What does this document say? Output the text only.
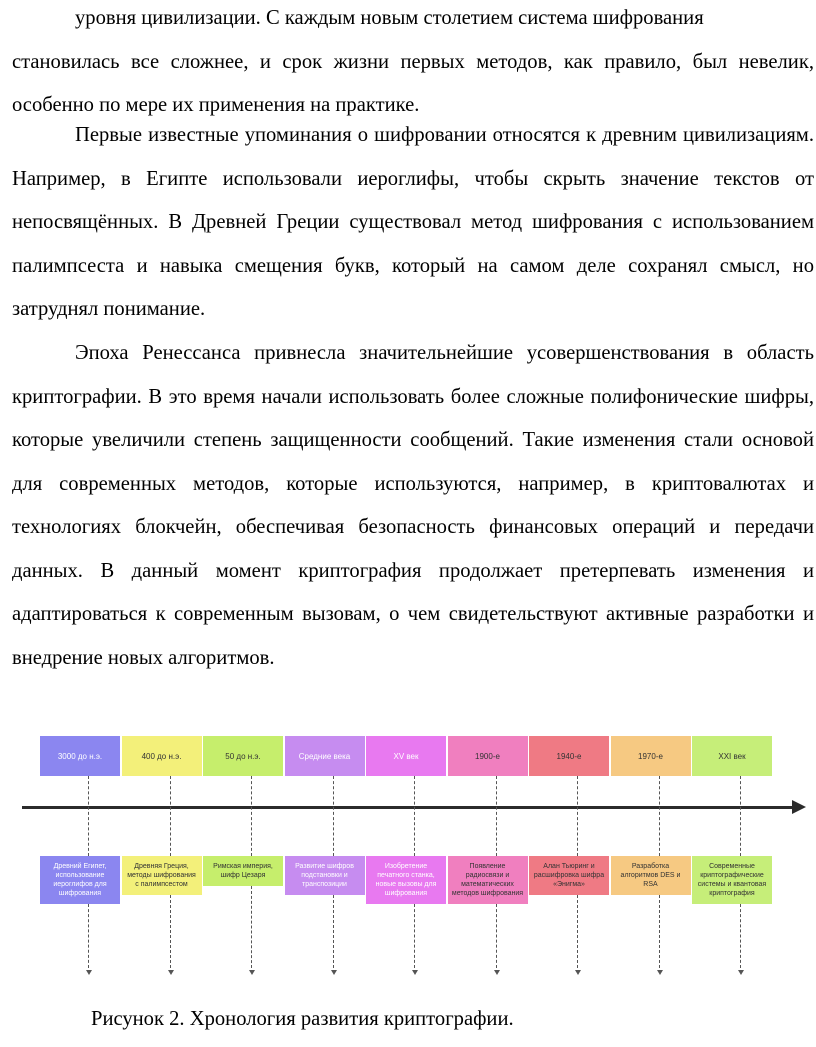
уровня цивилизации. С каждым новым столетием система шифрования
становилась все сложнее, и срок жизни первых методов, как правило, был невелик, особенно по мере их применения на практике.

Первые известные упоминания о шифровании относятся к древним цивилизациям. Например, в Египте использовали иероглифы, чтобы скрыть значение текстов от непосвящённых. В Древней Греции существовал метод шифрования с использованием палимпсеста и навыка смещения букв, который на самом деле сохранял смысл, но затруднял понимание.

Эпоха Ренессанса привнесла значительнейшие усовершенствования в область криптографии. В это время начали использовать более сложные полифонические шифры, которые увеличили степень защищенности сообщений. Такие изменения стали основой для современных методов, которые используются, например, в криптовалютах и технологиях блокчейн, обеспечивая безопасность финансовых операций и передачи данных. В данный момент криптография продолжает претерпевать изменения и адаптироваться к современным вызовам, о чем свидетельствуют активные разработки и внедрение новых алгоритмов.

3000 до н.э.
Древний Египет, использование иероглифов для шифрования
400 до н.э.
Древняя Греция, методы шифрования с палимпсестом
50 до н.э.
Римская империя, шифр Цезаря
Средние века
Развитие шифров подстановки и транспозиции
XV век
Изобретение печатного станка, новые вызовы для шифрования
1900-е
Появление радиосвязи и математических методов шифрования
1940-е
Алан Тьюринг и расшифровка шифра «Энигма»
1970-е
Разработка алгоритмов DES и RSA
XXI век
Современные криптографические системы и квантовая криптография

Рисунок 2. Хронология развития криптографии.
